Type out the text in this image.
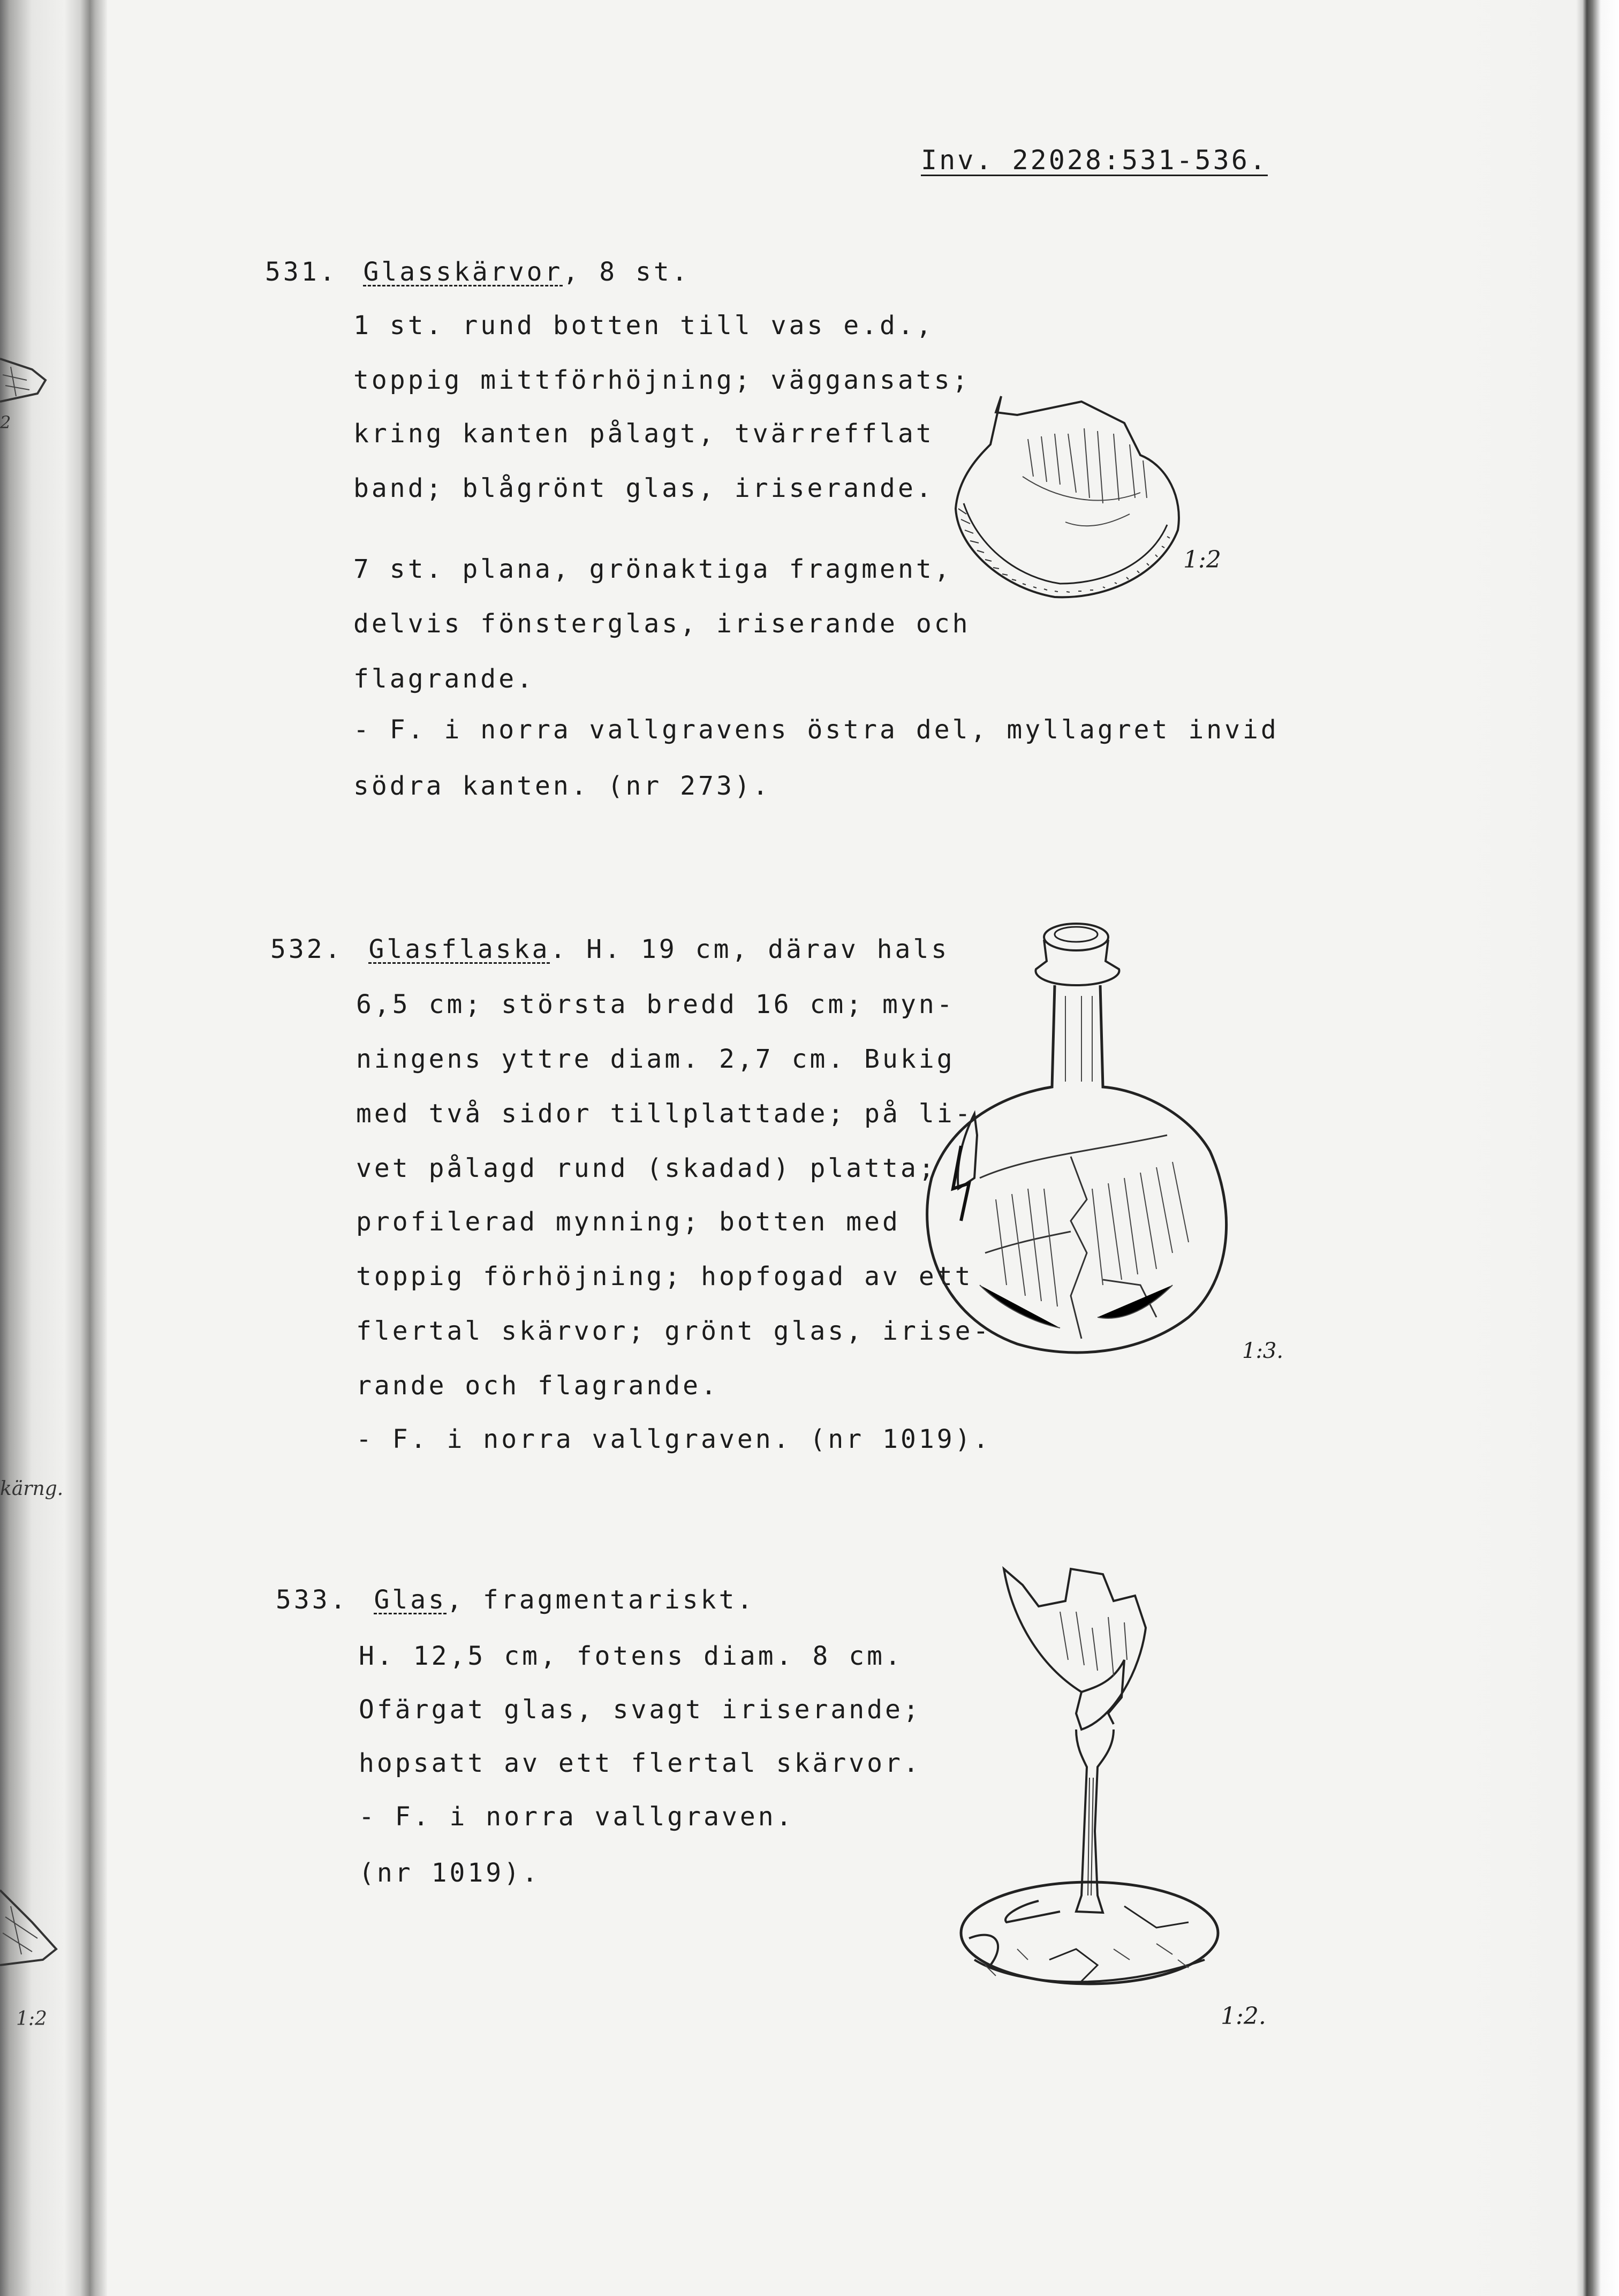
2
kärng.
1:2
Inv. 22028:531-536.
531. Glasskärvor, 8 st.
1 st. rund botten till vas e.d.,
toppig mittförhöjning; väggansats;
kring kanten pålagt, tvärrefflat
band; blågrönt glas, iriserande.
7 st. plana, grönaktiga fragment,
delvis fönsterglas, iriserande och
flagrande.
- F. i norra vallgravens östra del, myllagret invid
södra kanten. (nr 273).
1:2
532. Glasflaska. H. 19 cm, därav hals
6,5 cm; största bredd 16 cm; myn-
ningens yttre diam. 2,7 cm. Bukig
med två sidor tillplattade; på li-
vet pålagd rund (skadad) platta;
profilerad mynning; botten med
toppig förhöjning; hopfogad av ett
flertal skärvor; grönt glas, irise-
rande och flagrande.
- F. i norra vallgraven. (nr 1019).
1:3.
533. Glas, fragmentariskt.
H. 12,5 cm, fotens diam. 8 cm.
Ofärgat glas, svagt iriserande;
hopsatt av ett flertal skärvor.
- F. i norra vallgraven.
(nr 1019).
1:2.
